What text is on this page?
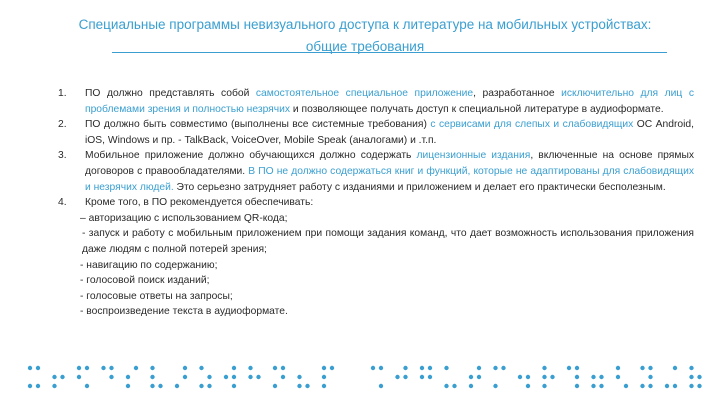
Специальные программы невизуального доступа к литературе на мобильных устройствах:
общие требования
1.	ПО должно представлять собой самостоятельное специальное приложение, разработанное исключительно для лиц с проблемами зрения и полностью незрячих и позволяющее получать доступ к специальной литературе в аудиоформате.
2.	ПО должно быть совместимо (выполнены все системные требования) с сервисами для слепых и слабовидящих ОС Android, iOS, Windows и пр. - TalkBack, VoiceOver, Mobile Speak (аналогами) и .т.п.
3.	Мобильное приложение должно обучающихся должно содержать лицензионные издания, включенные на основе прямых договоров с правообладателями. В ПО не должно содержаться книг и функций, которые не адаптированы для слабовидящих и незрячих людей. Это серьезно затрудняет работу с изданиями и приложением и делает его практически бесполезным.
4.	Кроме того, в ПО рекомендуется обеспечивать:
– авторизацию с использованием QR-кода;
- запуск и работу с мобильным приложением при помощи задания команд, что дает возможность использования приложения даже людям с полной потерей зрения;
- навигацию по содержанию;
- голосовой поиск изданий;
- голосовые ответы на запросы;
- воспроизведение текста в аудиоформате.
